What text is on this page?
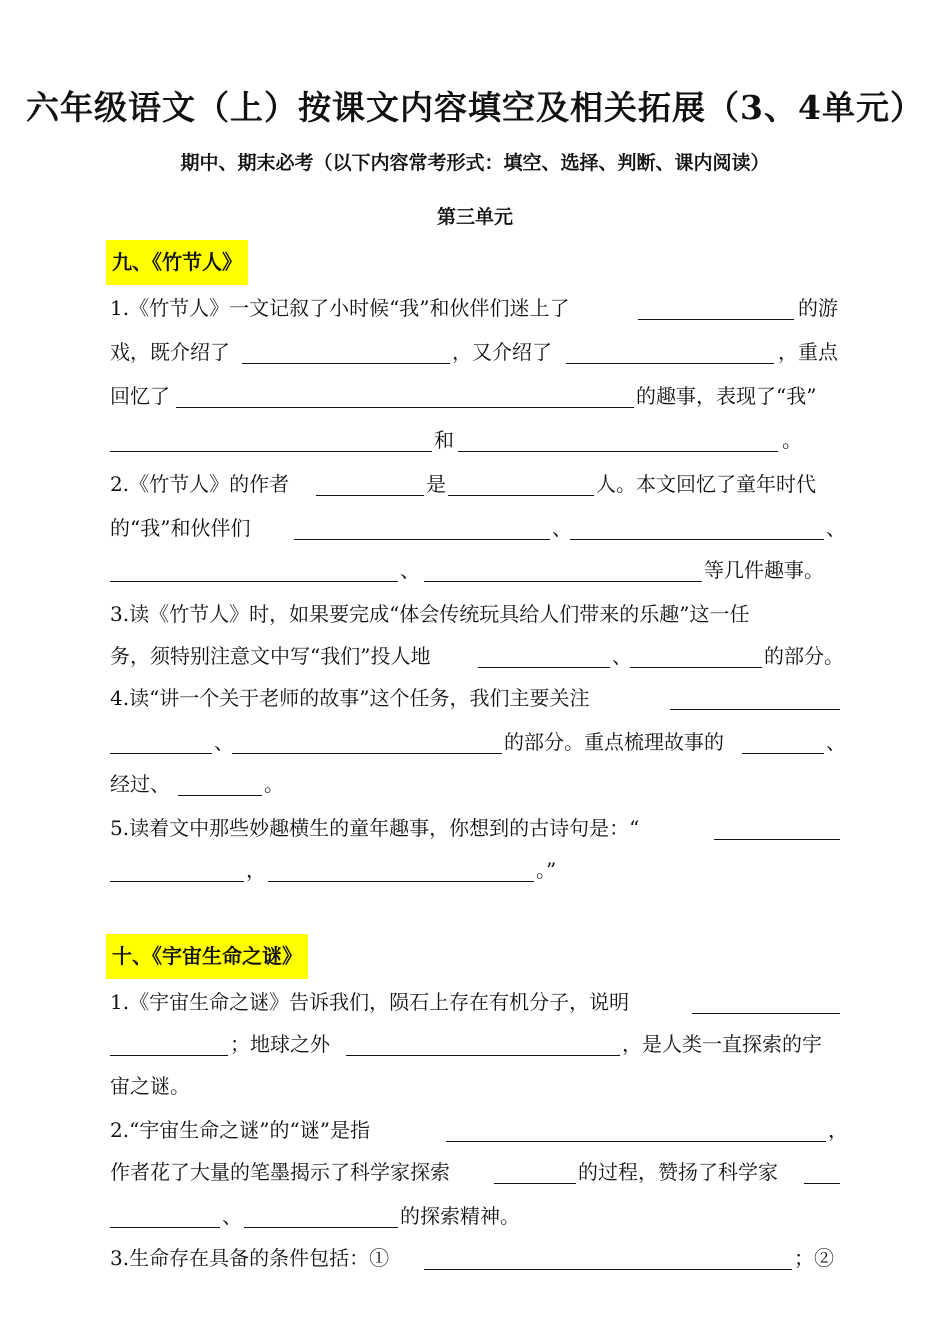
六年级语文（上）按课文内容填空及相关拓展（3、4单元）
期中、期末必考（以下内容常考形式：填空、选择、判断、课内阅读）
第三单元
九、《竹节人》
1.《竹节人》一文记叙了小时候“我”和伙伴们迷上了	的游
戏，既介绍了	，又介绍了	，重点
回忆了	的趣事，表现了“我”
和	。
2.《竹节人》的作者	是	人。本文回忆了童年时代
的“我”和伙伴们	、	、
、	等几件趣事。
3.读《竹节人》时，如果要完成“体会传统玩具给人们带来的乐趣”这一任
务，须特别注意文中写“我们”投人地	、	的部分。
4.读“讲一个关于老师的故事”这个任务，我们主要关注
、	的部分。重点梳理故事的	、
经过、	。
5.读着文中那些妙趣横生的童年趣事，你想到的古诗句是：“
，	。”
十、《宇宙生命之谜》
1.《宇宙生命之谜》告诉我们，陨石上存在有机分子，说明
；地球之外	，是人类一直探索的宇
宙之谜。
2.“宇宙生命之谜”的“谜”是指	，
作者花了大量的笔墨揭示了科学家探索	的过程，赞扬了科学家
、	的探索精神。
3.生命存在具备的条件包括：①	；②
